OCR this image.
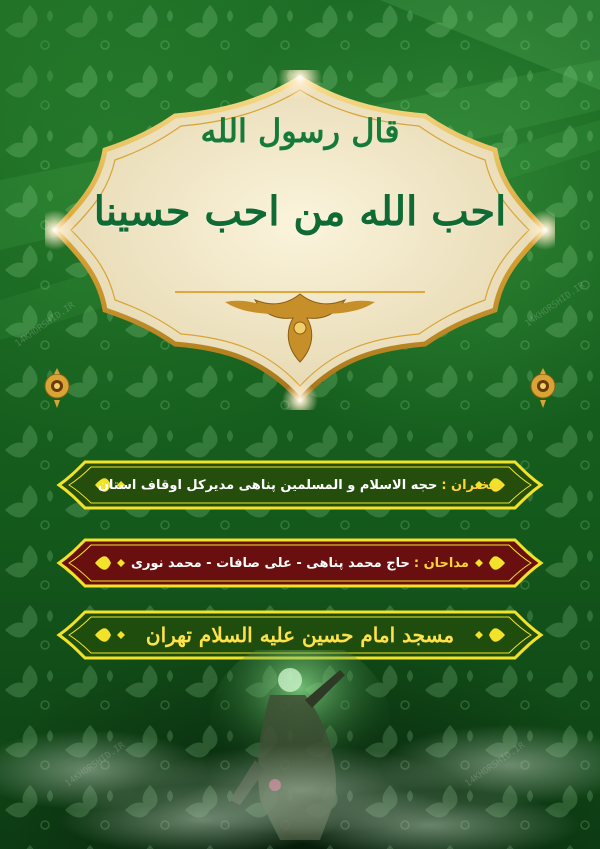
14KHORSHID.IR	14KHORSHID.IR
قال رسول الله
احب الله من احب حسینا
سخنران :
حجه الاسلام و المسلمین پناهی مدیرکل اوقاف استان
مداحان :
حاج محمد پناهی - علی صافات - محمد نوری
مسجد امام حسین علیه السلام تهران
